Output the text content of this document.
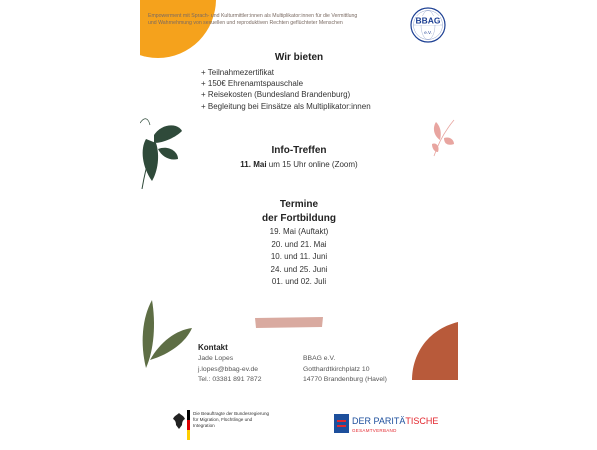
Empowerment mit Sprach- und Kulturmittler:innen als Multiplikator:innen für die Vermittlung und Wahrnehmung von sexuellen und reproduktiven Rechten geflüchteter Menschen	BBAG
e.V.
Wir bieten
+ Teilnahmezertifikat
+ 150€ Ehrenamtspauschale
+ Reisekosten (Bundesland Brandenburg)
+ Begleitung bei Einsätze als Multiplikator:innen
Info-Treffen
11. Mai um 15 Uhr online (Zoom)
Termine
der Fortbildung
19. Mai (Auftakt)
20. und 21. Mai
10. und 11. Juni
24. und 25. Juni
01. und 02. Juli
Kontakt
Jade Lopes
j.lopes@bbag-ev.de
Tel.: 03381 891 7872
BBAG e.V.
Gotthardtkirchplatz 10
14770 Brandenburg (Havel)
Die Beauftragte der Bundesregierung
für Migration, Flüchtlinge und
Integration	DER PARITÄTISCHE
GESAMTVERBAND
